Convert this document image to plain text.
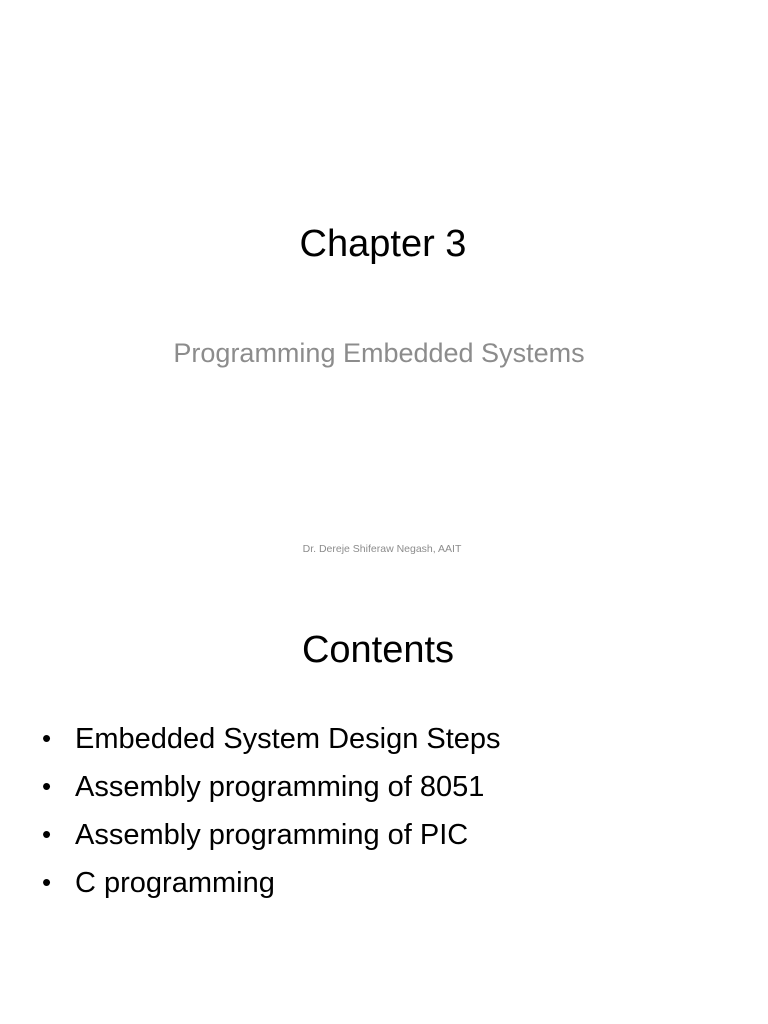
Chapter 3
Programming Embedded Systems
Dr. Dereje Shiferaw Negash, AAIT
Contents
• Embedded System Design Steps
• Assembly programming of 8051
• Assembly programming of PIC
• C programming
